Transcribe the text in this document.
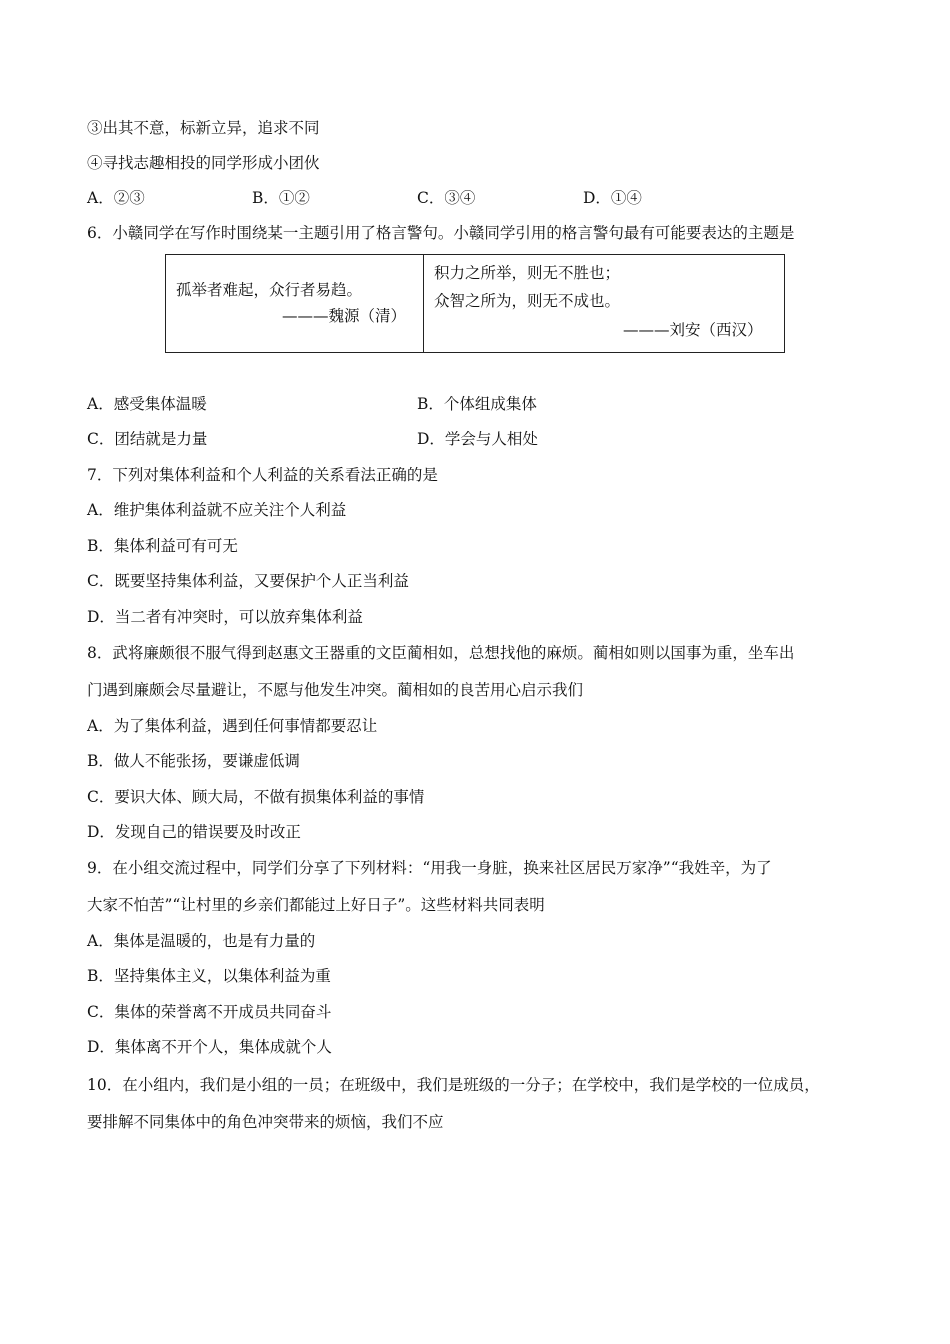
③出其不意，标新立异，追求不同
④寻找志趣相投的同学形成小团伙
A．②③	B．①②	C．③④	D．①④
6．小赣同学在写作时围绕某一主题引用了格言警句。小赣同学引用的格言警句最有可能要表达的主题是
孤举者难起，众行者易趋。
———魏源（清）
积力之所举，则无不胜也；
众智之所为，则无不成也。
———刘安（西汉）
A．感受集体温暖	B．个体组成集体
C．团结就是力量	D．学会与人相处
7．下列对集体利益和个人利益的关系看法正确的是
A．维护集体利益就不应关注个人利益
B．集体利益可有可无
C．既要坚持集体利益，又要保护个人正当利益
D．当二者有冲突时，可以放弃集体利益
8．武将廉颇很不服气得到赵惠文王器重的文臣蔺相如，总想找他的麻烦。蔺相如则以国事为重，坐车出
门遇到廉颇会尽量避让，不愿与他发生冲突。蔺相如的良苦用心启示我们
A．为了集体利益，遇到任何事情都要忍让
B．做人不能张扬，要谦虚低调
C．要识大体、顾大局，不做有损集体利益的事情
D．发现自己的错误要及时改正
9．在小组交流过程中，同学们分享了下列材料：“用我一身脏，换来社区居民万家净”“我姓辛，为了
大家不怕苦”“让村里的乡亲们都能过上好日子”。这些材料共同表明
A．集体是温暖的，也是有力量的
B．坚持集体主义，以集体利益为重
C．集体的荣誉离不开成员共同奋斗
D．集体离不开个人，集体成就个人
10．在小组内，我们是小组的一员；在班级中，我们是班级的一分子；在学校中，我们是学校的一位成员，
要排解不同集体中的角色冲突带来的烦恼，我们不应
